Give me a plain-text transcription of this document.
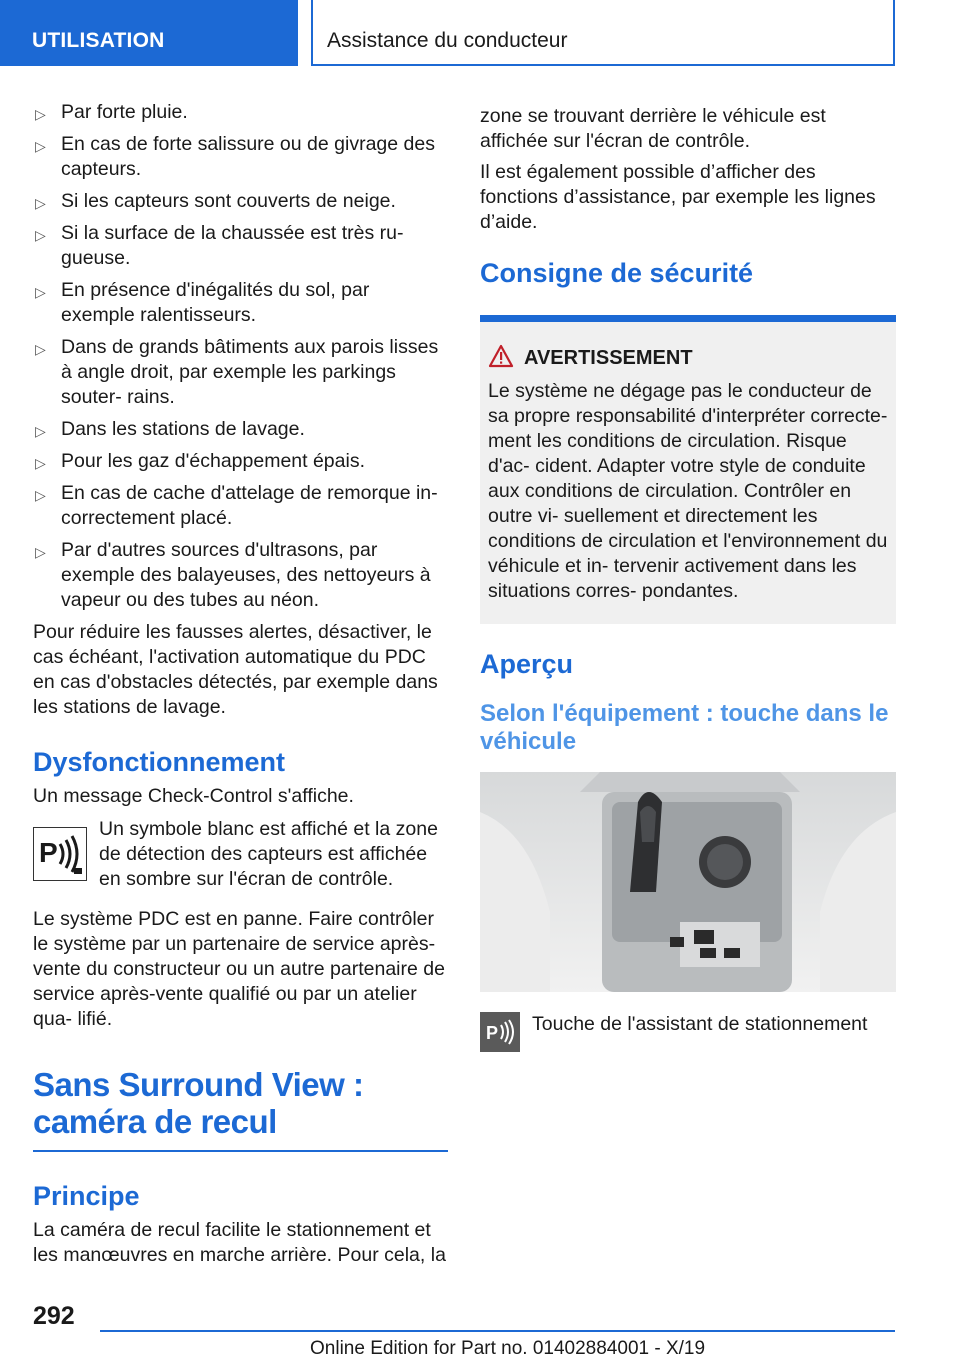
UTILISATION	Assistance du conducteur
▷ Par forte pluie.
▷ En cas de forte salissure ou de givrage des capteurs.
▷ Si les capteurs sont couverts de neige.
▷ Si la surface de la chaussée est très ru‐ gueuse.
▷ En présence d'inégalités du sol, par exemple ralentisseurs.
▷ Dans de grands bâtiments aux parois lisses à angle droit, par exemple les parkings souter‐ rains.
▷ Dans les stations de lavage.
▷ Pour les gaz d'échappement épais.
▷ En cas de cache d'attelage de remorque in‐ correctement placé.
▷ Par d'autres sources d'ultrasons, par exemple des balayeuses, des nettoyeurs à vapeur ou des tubes au néon.

Pour réduire les fausses alertes, désactiver, le cas échéant, l'activation automatique du PDC en cas d'obstacles détectés, par exemple dans les stations de lavage.

Dysfonctionnement

Un message Check-Control s'affiche.

P

Un symbole blanc est affiché et la zone de détection des capteurs est affichée en sombre sur l'écran de contrôle.

Le système PDC est en panne. Faire contrôler le système par un partenaire de service après-vente du constructeur ou un autre partenaire de service après-vente qualifié ou par un atelier qua‐ lifié.

Sans Surround View : caméra de recul
Principe

La caméra de recul facilite le stationnement et les manœuvres en marche arrière. Pour cela, la

zone se trouvant derrière le véhicule est affichée sur l'écran de contrôle.

Il est également possible d’afficher des fonctions d’assistance, par exemple les lignes d’aide.

Consigne de sécurité
AVERTISSEMENT

Le système ne dégage pas le conducteur de sa propre responsabilité d'interpréter correcte‐ ment les conditions de circulation. Risque d'ac‐ cident. Adapter votre style de conduite aux conditions de circulation. Contrôler en outre vi‐ suellement et directement les conditions de circulation et l'environnement du véhicule et in‐ tervenir activement dans les situations corres‐ pondantes.

Aperçu
Selon l'équipement : touche dans le véhicule
P Touche de l'assistant de stationnement

292
Online Edition for Part no. 01402884001 - X/19
